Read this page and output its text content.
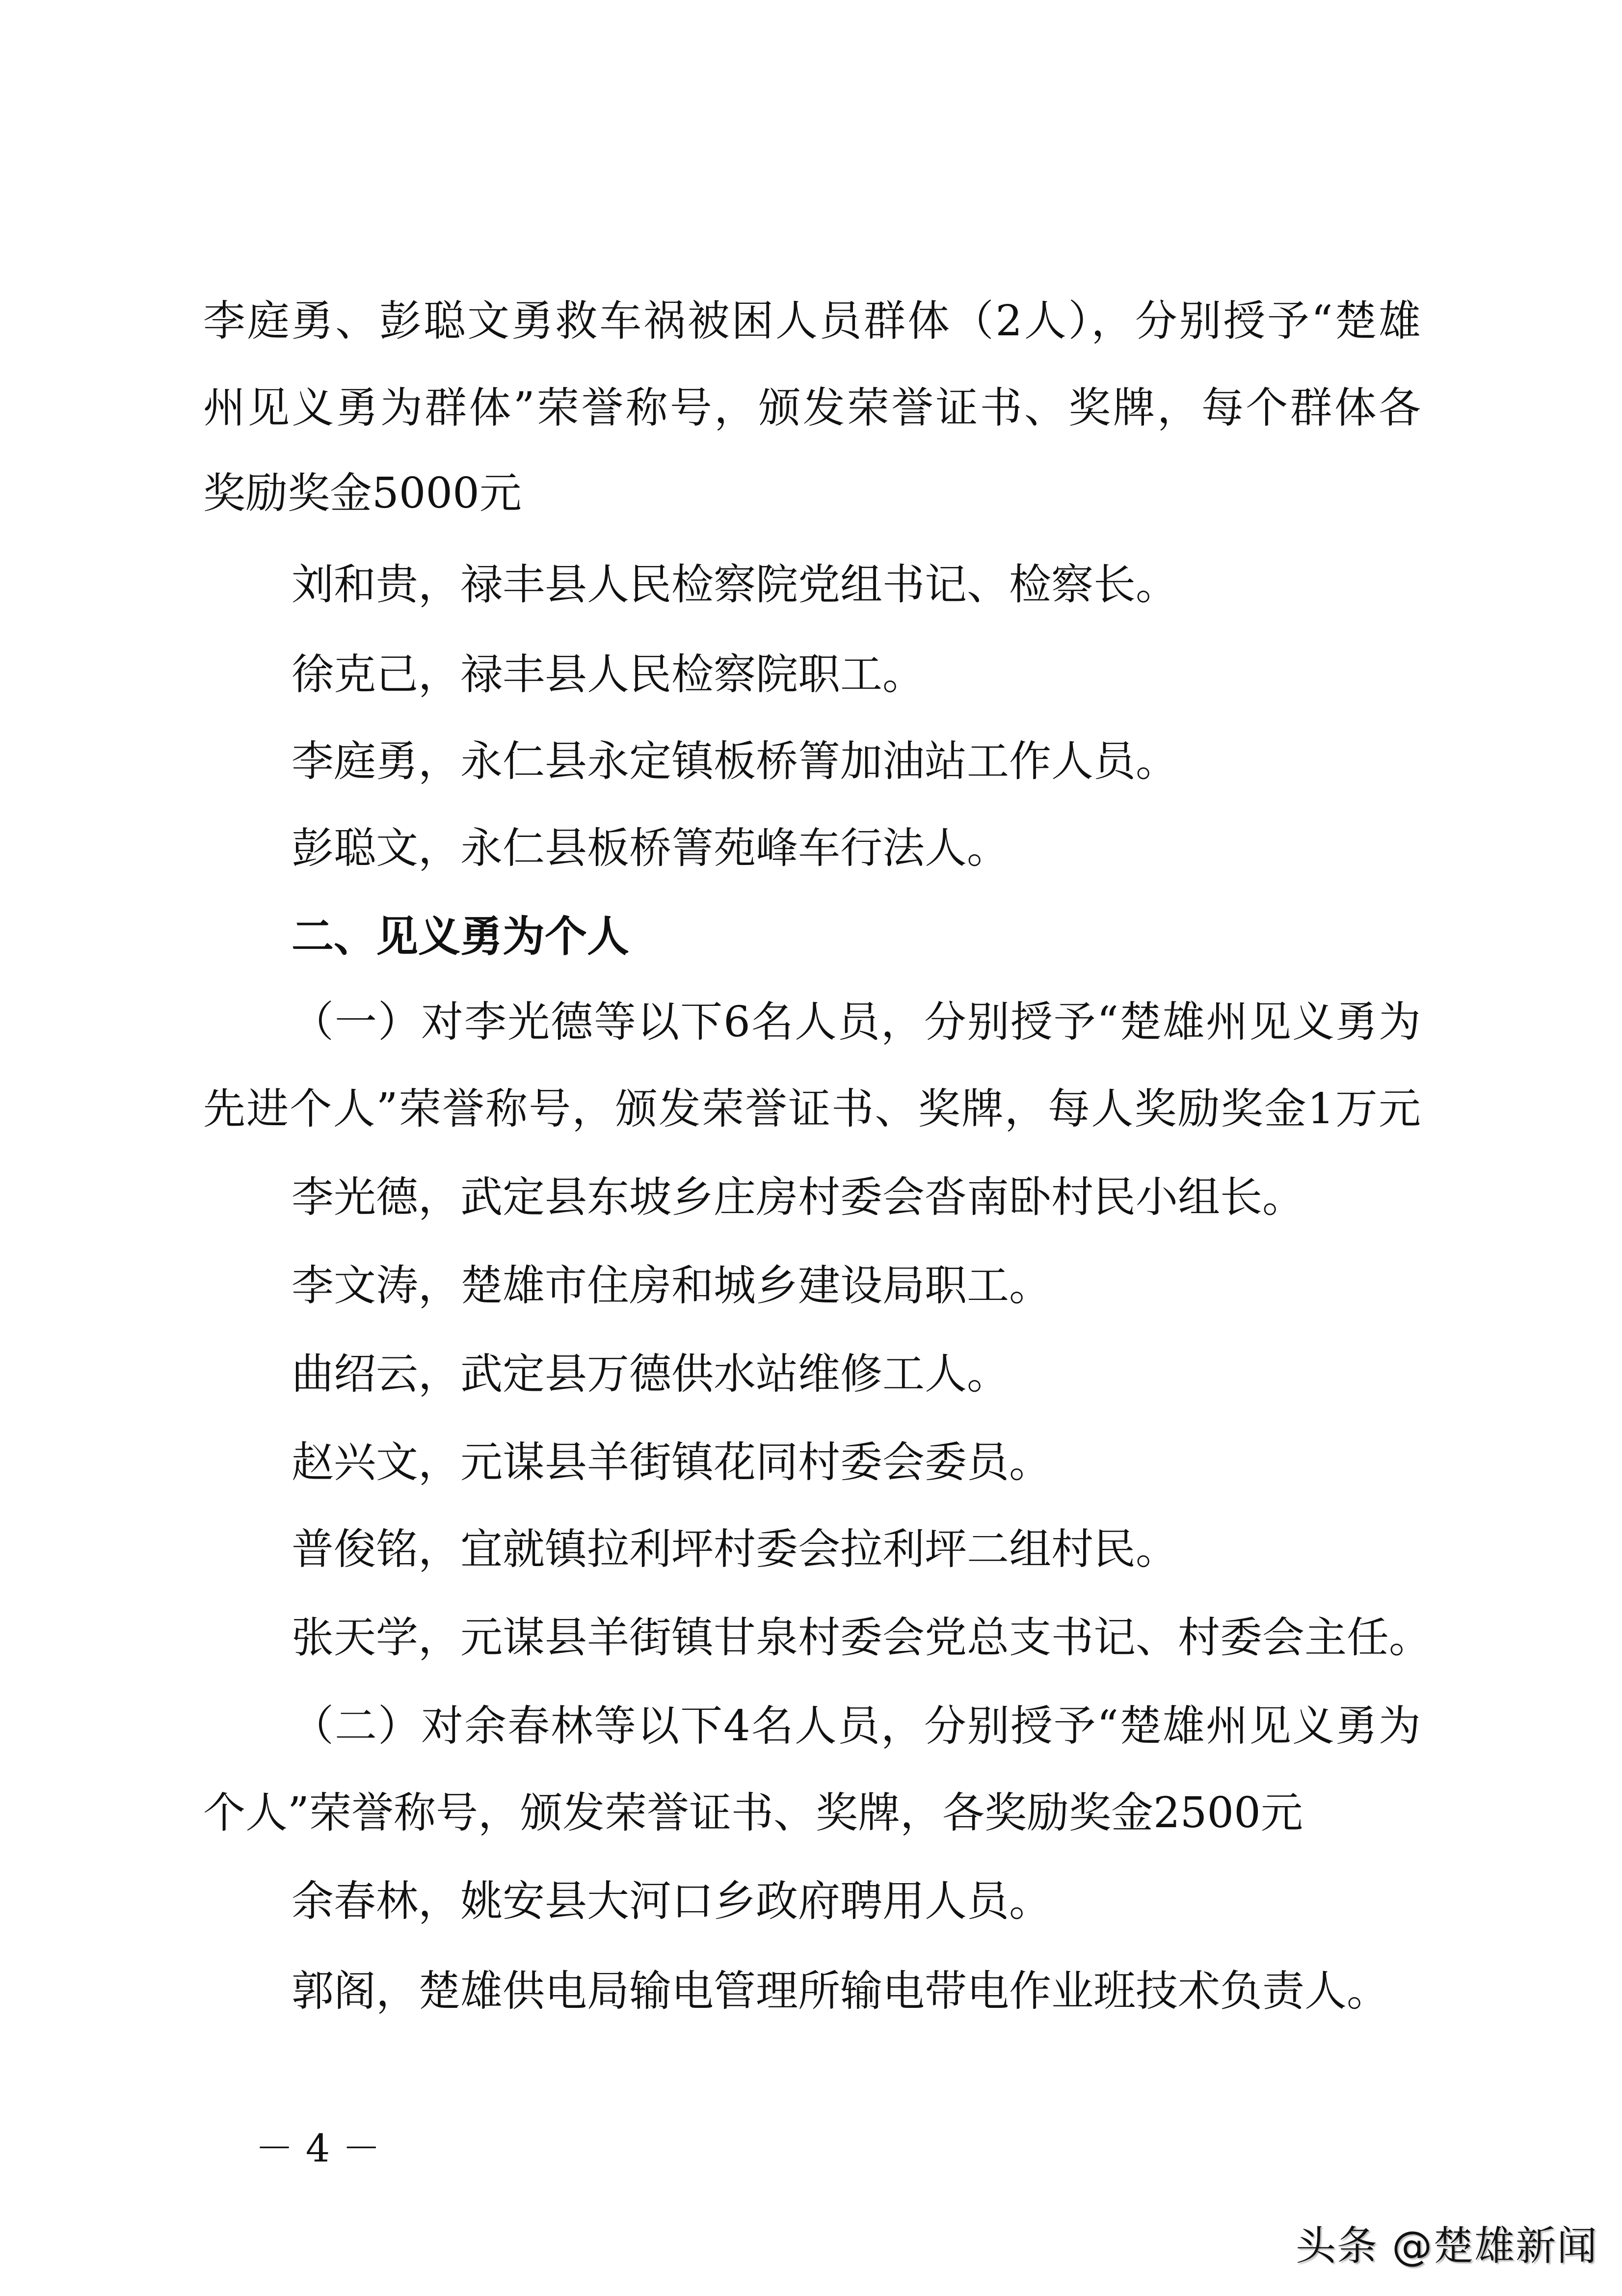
李庭勇、彭聪文勇救车祸被困人员群体（2人），分别授予“楚雄
州见义勇为群体”荣誉称号，颁发荣誉证书、奖牌，每个群体各
奖励奖金5000元
刘和贵，禄丰县人民检察院党组书记、检察长。
徐克己，禄丰县人民检察院职工。
李庭勇，永仁县永定镇板桥箐加油站工作人员。
彭聪文，永仁县板桥箐苑峰车行法人。
二、见义勇为个人
（一）对李光德等以下6名人员，分别授予“楚雄州见义勇为
先进个人”荣誉称号，颁发荣誉证书、奖牌，每人奖励奖金1万元
李光德，武定县东坡乡庄房村委会沓南卧村民小组长。
李文涛，楚雄市住房和城乡建设局职工。
曲绍云，武定县万德供水站维修工人。
赵兴文，元谋县羊街镇花同村委会委员。
普俊铭，宜就镇拉利坪村委会拉利坪二组村民。
张天学，元谋县羊街镇甘泉村委会党总支书记、村委会主任。
（二）对余春林等以下4名人员，分别授予“楚雄州见义勇为
个人”荣誉称号，颁发荣誉证书、奖牌，各奖励奖金2500元
余春林，姚安县大河口乡政府聘用人员。
郭阁，楚雄供电局输电管理所输电带电作业班技术负责人。
－ 4 －
头条 @楚雄新闻
